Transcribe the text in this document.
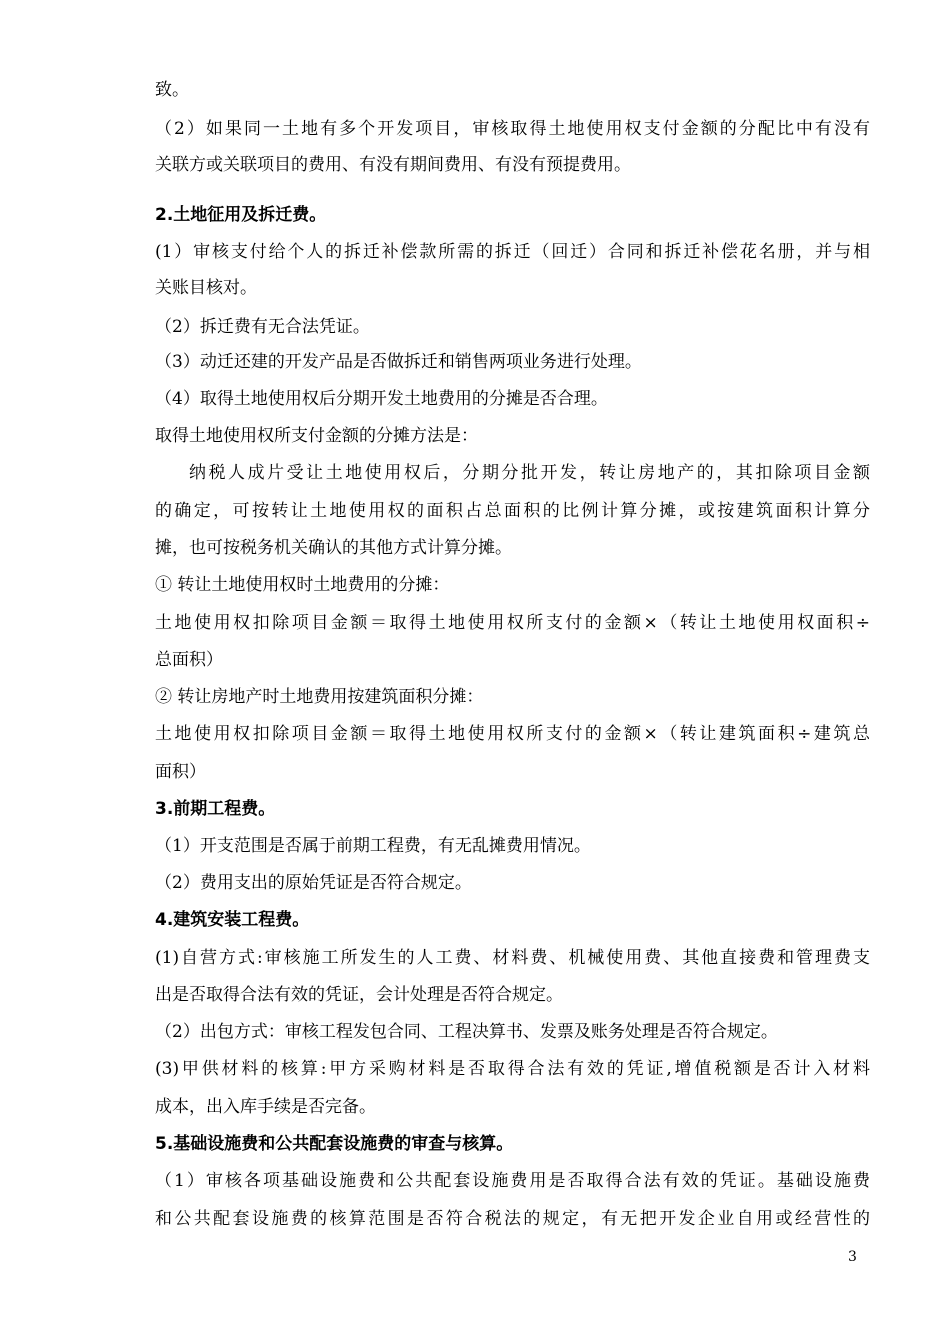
致。
（2）如果同一土地有多个开发项目，审核取得土地使用权支付金额的分配比中有没有
关联方或关联项目的费用、有没有期间费用、有没有预提费用。
2.土地征用及拆迁费。
(1）审核支付给个人的拆迁补偿款所需的拆迁（回迁）合同和拆迁补偿花名册，并与相
关账目核对。
（2）拆迁费有无合法凭证。
（3）动迁还建的开发产品是否做拆迁和销售两项业务进行处理。
（4）取得土地使用权后分期开发土地费用的分摊是否合理。
取得土地使用权所支付金额的分摊方法是：
纳税人成片受让土地使用权后，分期分批开发，转让房地产的，其扣除项目金额
的确定，可按转让土地使用权的面积占总面积的比例计算分摊，或按建筑面积计算分
摊，也可按税务机关确认的其他方式计算分摊。
① 转让土地使用权时土地费用的分摊：
土地使用权扣除项目金额＝取得土地使用权所支付的金额×（转让土地使用权面积÷
总面积）
② 转让房地产时土地费用按建筑面积分摊：
土地使用权扣除项目金额＝取得土地使用权所支付的金额×（转让建筑面积÷建筑总
面积）
3.前期工程费。
（1）开支范围是否属于前期工程费，有无乱摊费用情况。
（2）费用支出的原始凭证是否符合规定。
4.建筑安装工程费。
(1)自营方式:审核施工所发生的人工费、材料费、机械使用费、其他直接费和管理费支
出是否取得合法有效的凭证，会计处理是否符合规定。
（2）出包方式：审核工程发包合同、工程决算书、发票及账务处理是否符合规定。
(3)甲供材料的核算:甲方采购材料是否取得合法有效的凭证,增值税额是否计入材料
成本，出入库手续是否完备。
5.基础设施费和公共配套设施费的审查与核算。
（1）审核各项基础设施费和公共配套设施费用是否取得合法有效的凭证。基础设施费
和公共配套设施费的核算范围是否符合税法的规定，有无把开发企业自用或经营性的
3
